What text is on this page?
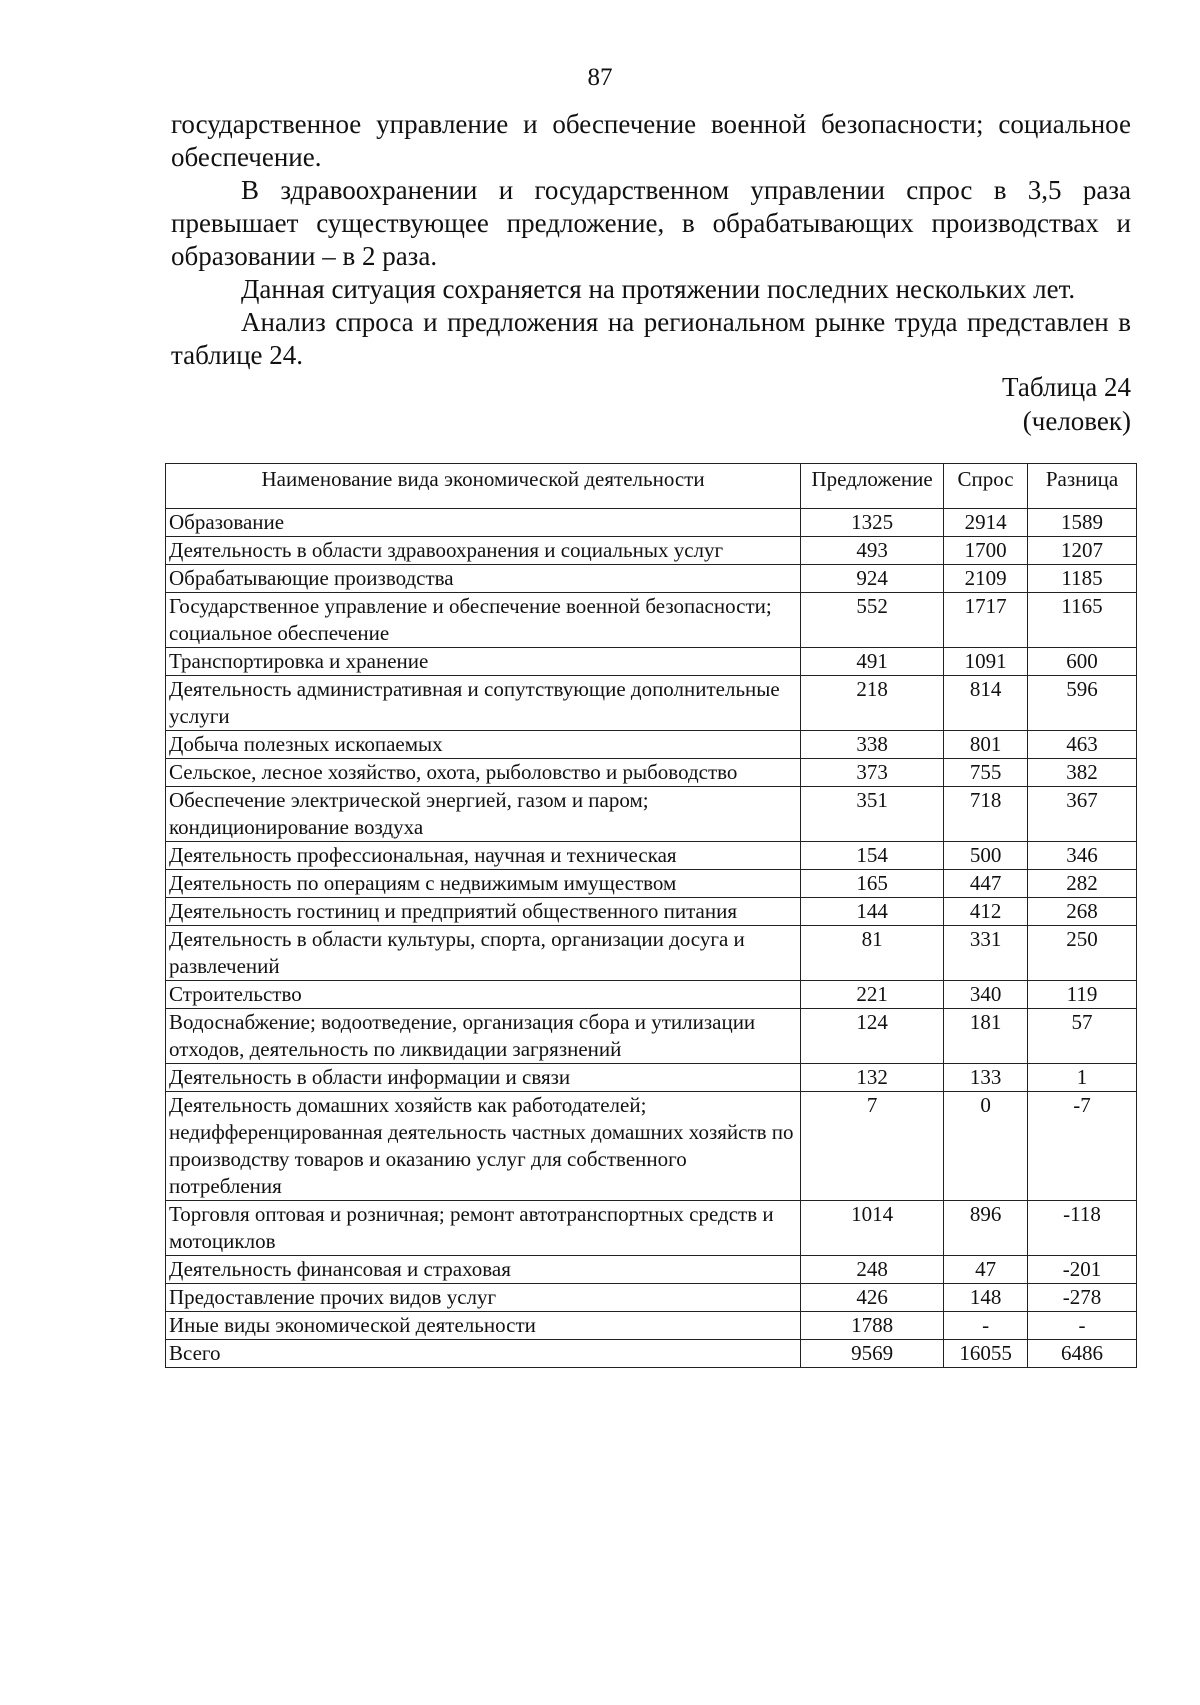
87

государственное управление и обеспечение военной безопасности; социальное обеспечение.

В здравоохранении и государственном управлении спрос в 3,5 раза превышает существующее предложение, в обрабатывающих производствах и образовании – в 2 раза.

Данная ситуация сохраняется на протяжении последних нескольких лет.

Анализ спроса и предложения на региональном рынке труда представлен в таблице 24.

Таблица 24
(человек)
Наименование вида экономической деятельности	Предложение	Спрос	Разница
Образование	1325	2914	1589
Деятельность в области здравоохранения и социальных услуг	493	1700	1207
Обрабатывающие производства	924	2109	1185
Государственное управление и обеспечение военной безопасности; социальное обеспечение	552	1717	1165
Транспортировка и хранение	491	1091	600
Деятельность административная и сопутствующие дополнительные услуги	218	814	596
Добыча полезных ископаемых	338	801	463
Сельское, лесное хозяйство, охота, рыболовство и рыбоводство	373	755	382
Обеспечение электрической энергией, газом и паром; кондиционирование воздуха	351	718	367
Деятельность профессиональная, научная и техническая	154	500	346
Деятельность по операциям с недвижимым имуществом	165	447	282
Деятельность гостиниц и предприятий общественного питания	144	412	268
Деятельность в области культуры, спорта, организации досуга и развлечений	81	331	250
Строительство	221	340	119
Водоснабжение; водоотведение, организация сбора и утилизации отходов, деятельность по ликвидации загрязнений	124	181	57
Деятельность в области информации и связи	132	133	1
Деятельность домашних хозяйств как работодателей; недифференцированная деятельность частных домашних хозяйств по производству товаров и оказанию услуг для собственного потребления	7	0	-7
Торговля оптовая и розничная; ремонт автотранспортных средств и мотоциклов	1014	896	-118
Деятельность финансовая и страховая	248	47	-201
Предоставление прочих видов услуг	426	148	-278
Иные виды экономической деятельности	1788	-	-
Всего	9569	16055	6486
